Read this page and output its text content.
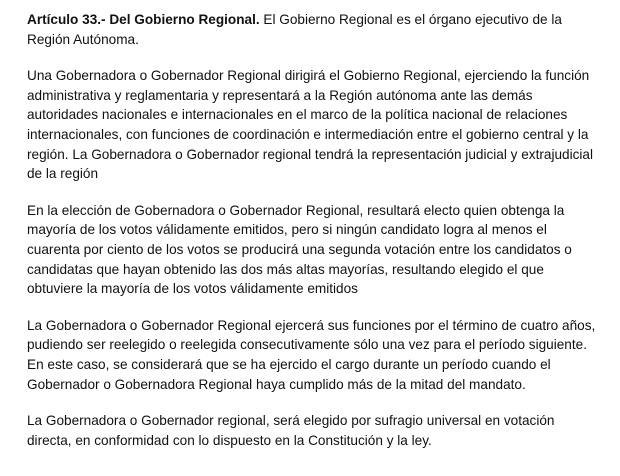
Artículo 33.- Del Gobierno Regional. El Gobierno Regional es el órgano ejecutivo de la Región Autónoma.

Una Gobernadora o Gobernador Regional dirigirá el Gobierno Regional, ejerciendo la función administrativa y reglamentaria y representará a la Región autónoma ante las demás autoridades nacionales e internacionales en el marco de la política nacional de relaciones internacionales, con funciones de coordinación e intermediación entre el gobierno central y la región. La Gobernadora o Gobernador regional tendrá la representación judicial y extrajudicial de la región

En la elección de Gobernadora o Gobernador Regional, resultará electo quien obtenga la mayoría de los votos válidamente emitidos, pero si ningún candidato logra al menos el cuarenta por ciento de los votos se producirá una segunda votación entre los candidatos o candidatas que hayan obtenido las dos más altas mayorías, resultando elegido el que obtuviere la mayoría de los votos válidamente emitidos

La Gobernadora o Gobernador Regional ejercerá sus funciones por el término de cuatro años, pudiendo ser reelegido o reelegida consecutivamente sólo una vez para el período siguiente. En este caso, se considerará que se ha ejercido el cargo durante un período cuando el Gobernador o Gobernadora Regional haya cumplido más de la mitad del mandato.

La Gobernadora o Gobernador regional, será elegido por sufragio universal en votación directa, en conformidad con lo dispuesto en la Constitución y la ley.
